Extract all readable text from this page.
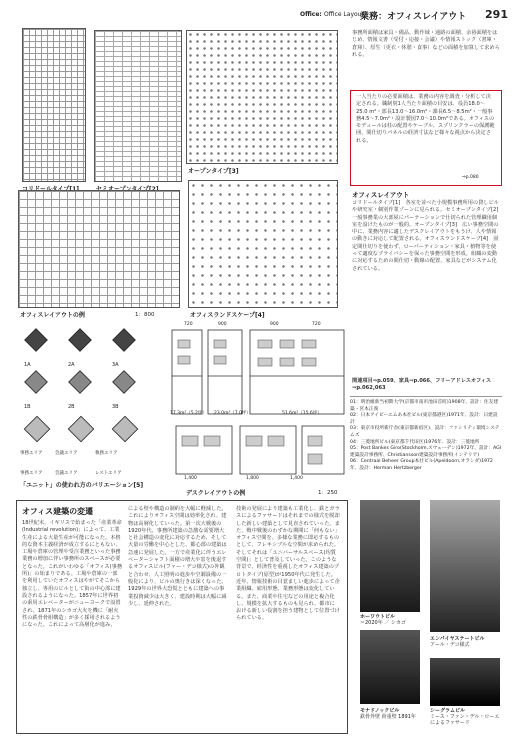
Office: Office Layout
業務：オフィスレイアウト 291
オープンタイプ[3]
オフィスレイアウトの例	1：800	オフィスランドスケープ[4]
1A	2A	3A
1B	2B	3B
事務エリア	会議エリア	執務エリア
事務エリア	会議エリア	レストエリア
「ユニット」の使われ方のバリエーション[5]
720	900	900	720
17.3m²（5.2坪） 23.0m²（7.0坪）	51.6m²（15.6坪）
1,400	1,800	1,400
デスクレイアウトの例	1：250
事務所面積は家具・備品、動作域・通路の面積、余裕面積をはじめ、情報文書（受付・応接・会議）や情報ストック（書庫・倉庫）、厚生（更衣・休憩・食事）などの面積を加算して求められる。
一人当たりの必要面積は、業務の内容を調査・分析して決定される。職制別1人当たり面積の目安は、役員18.0〜25.0 m²・部長13.0〜16.0m²・課長6.5〜8.5m²・一般事務4.5〜7.0m²・設計製図7.0〜10.0m²である。オフィスのモデュールは柱の配置やケーブル、スプリンクラーの保護範囲、間仕切りパネルの経済寸法など様々な視点から決定される。
⇒p.080
オフィスレイアウト
コリドールタイプ[1]　各室を並べた小規模事務所用の貸しビルや研究室・個別作業ゾーンに見られる。セミオープンタイプ[2]　一般事務業の大部屋にパーテーションで仕切られた管理職用個室を設けたものが一般的。オープンタイプ[3]　広い事務空間の中に、業務内容に適したデスクレイアウトをもうけ、人や情報の動きに対応して配置される。オフィスランドスケープ[4]　固定間仕切りを使わず、ローパーティション・家具・植物等を使って適度なプライバシーを保った事務空間を形成。組織の変動に対応するための間仕切・動線の配置、家具などがシステム化されている。
関連項目⇒p.059、家具⇒p.066、フリーアドレスオフィス⇒p.062,063

01：明治維新当初期大学(京都市南市池田首町)1908年、設計：住友建築・宮本正義

02：日本アイビーエムあ本社ビル(東京都港区)1971年、設計：日建設計

03：東京市役所新庁舎(東京都新宿区)、設計：ファシリティ環境システムズ

04：三菱地所ビル(東京都千代田区)1976年、設計：三菱地所

05：Post Bankes Giro(Stockholm,スウェーデン)1972年、設計：AGI 建築設計事務所、Christiansson建築設計事務所(インテリア)

06：Centraal Beheer Group本社ビル(Apeldoorn,オランダ)1972年、設計：Herman Hertzberger

オフィス建築の変遷
18世紀末、イギリスで始まった「産業革命(Industrial revolution)」によって、工業生産による大量生産が可能になった。本格的な資本主義経済が成立するにともない、工場や倉庫の管理や受注業務といった事務業務の増加に伴い事務所のスペースが必要となった。これがいわゆる「オフィス(事務所)」の始まりである。工場や倉庫の一部を利用していたオフィスはやがてそこから独立し、専用のビルとして街の中心部に建設されるようになった。1857年に世界初の乗用エレベーターがニューヨークで設置され、1871年のシカゴ大火を機に「耐火性の鉄骨骨組構造」が多く採用されるようになった。これによって高層化が進み、
による壁や構造の制約を大幅に軽減した。これによりオフィス空間は効率化され、建物は高層化していった。第一次大戦後の1920年代、事務所建築の急激な需要増大と社会構造の変化に対応するため、そして大量の労働を中心とした、都心部の建築は急速に発展した。一方で産業化に伴うエレベーターシャフト面積の増大や窓を後退するオフィスビル(ファー・デコ様式)の外観と合わせ、人工照明の進歩や空調設備の一般化により、ビルの奥行きは深くなった。1929年の世界大恐慌とともに建築への事業投資減少は大きく、建設時期は大幅に減少し、延伸された。
技術の発展により建築も工業化し、鉄とガラスによるファサードはそれまでの様式を脱却した新しい建築として見直されていった。また、戦中戦後のわずかな期間に「何もない」オフィス空間を、多様な業務に即応するものとして、フレキシブルな空間が求められた。そしてそれは「ユニバーサルスペース(均質空間)」として普及していった。このような背景で、経済性を重視したオフィス建築のプロトタイプ(原型)が1950年代に発生した。近年、情報技術の目覚ましい進歩によって企業組織、雇用形態、業務形態は変化している。また、商業や住宅などの用途と複合化し、規模を拡大するものも見られ、都市における新しい役割を担う建物として位置づけられている。	ホーワウトビル
＝2020年 ／ シカゴ
エンパイヤステートビル
アール・デコ様式
モナドノックビル
鉄骨外壁 荷重壁 1891年
シーグラムビル
ミース・ファン・デル・ローエによるファサード
